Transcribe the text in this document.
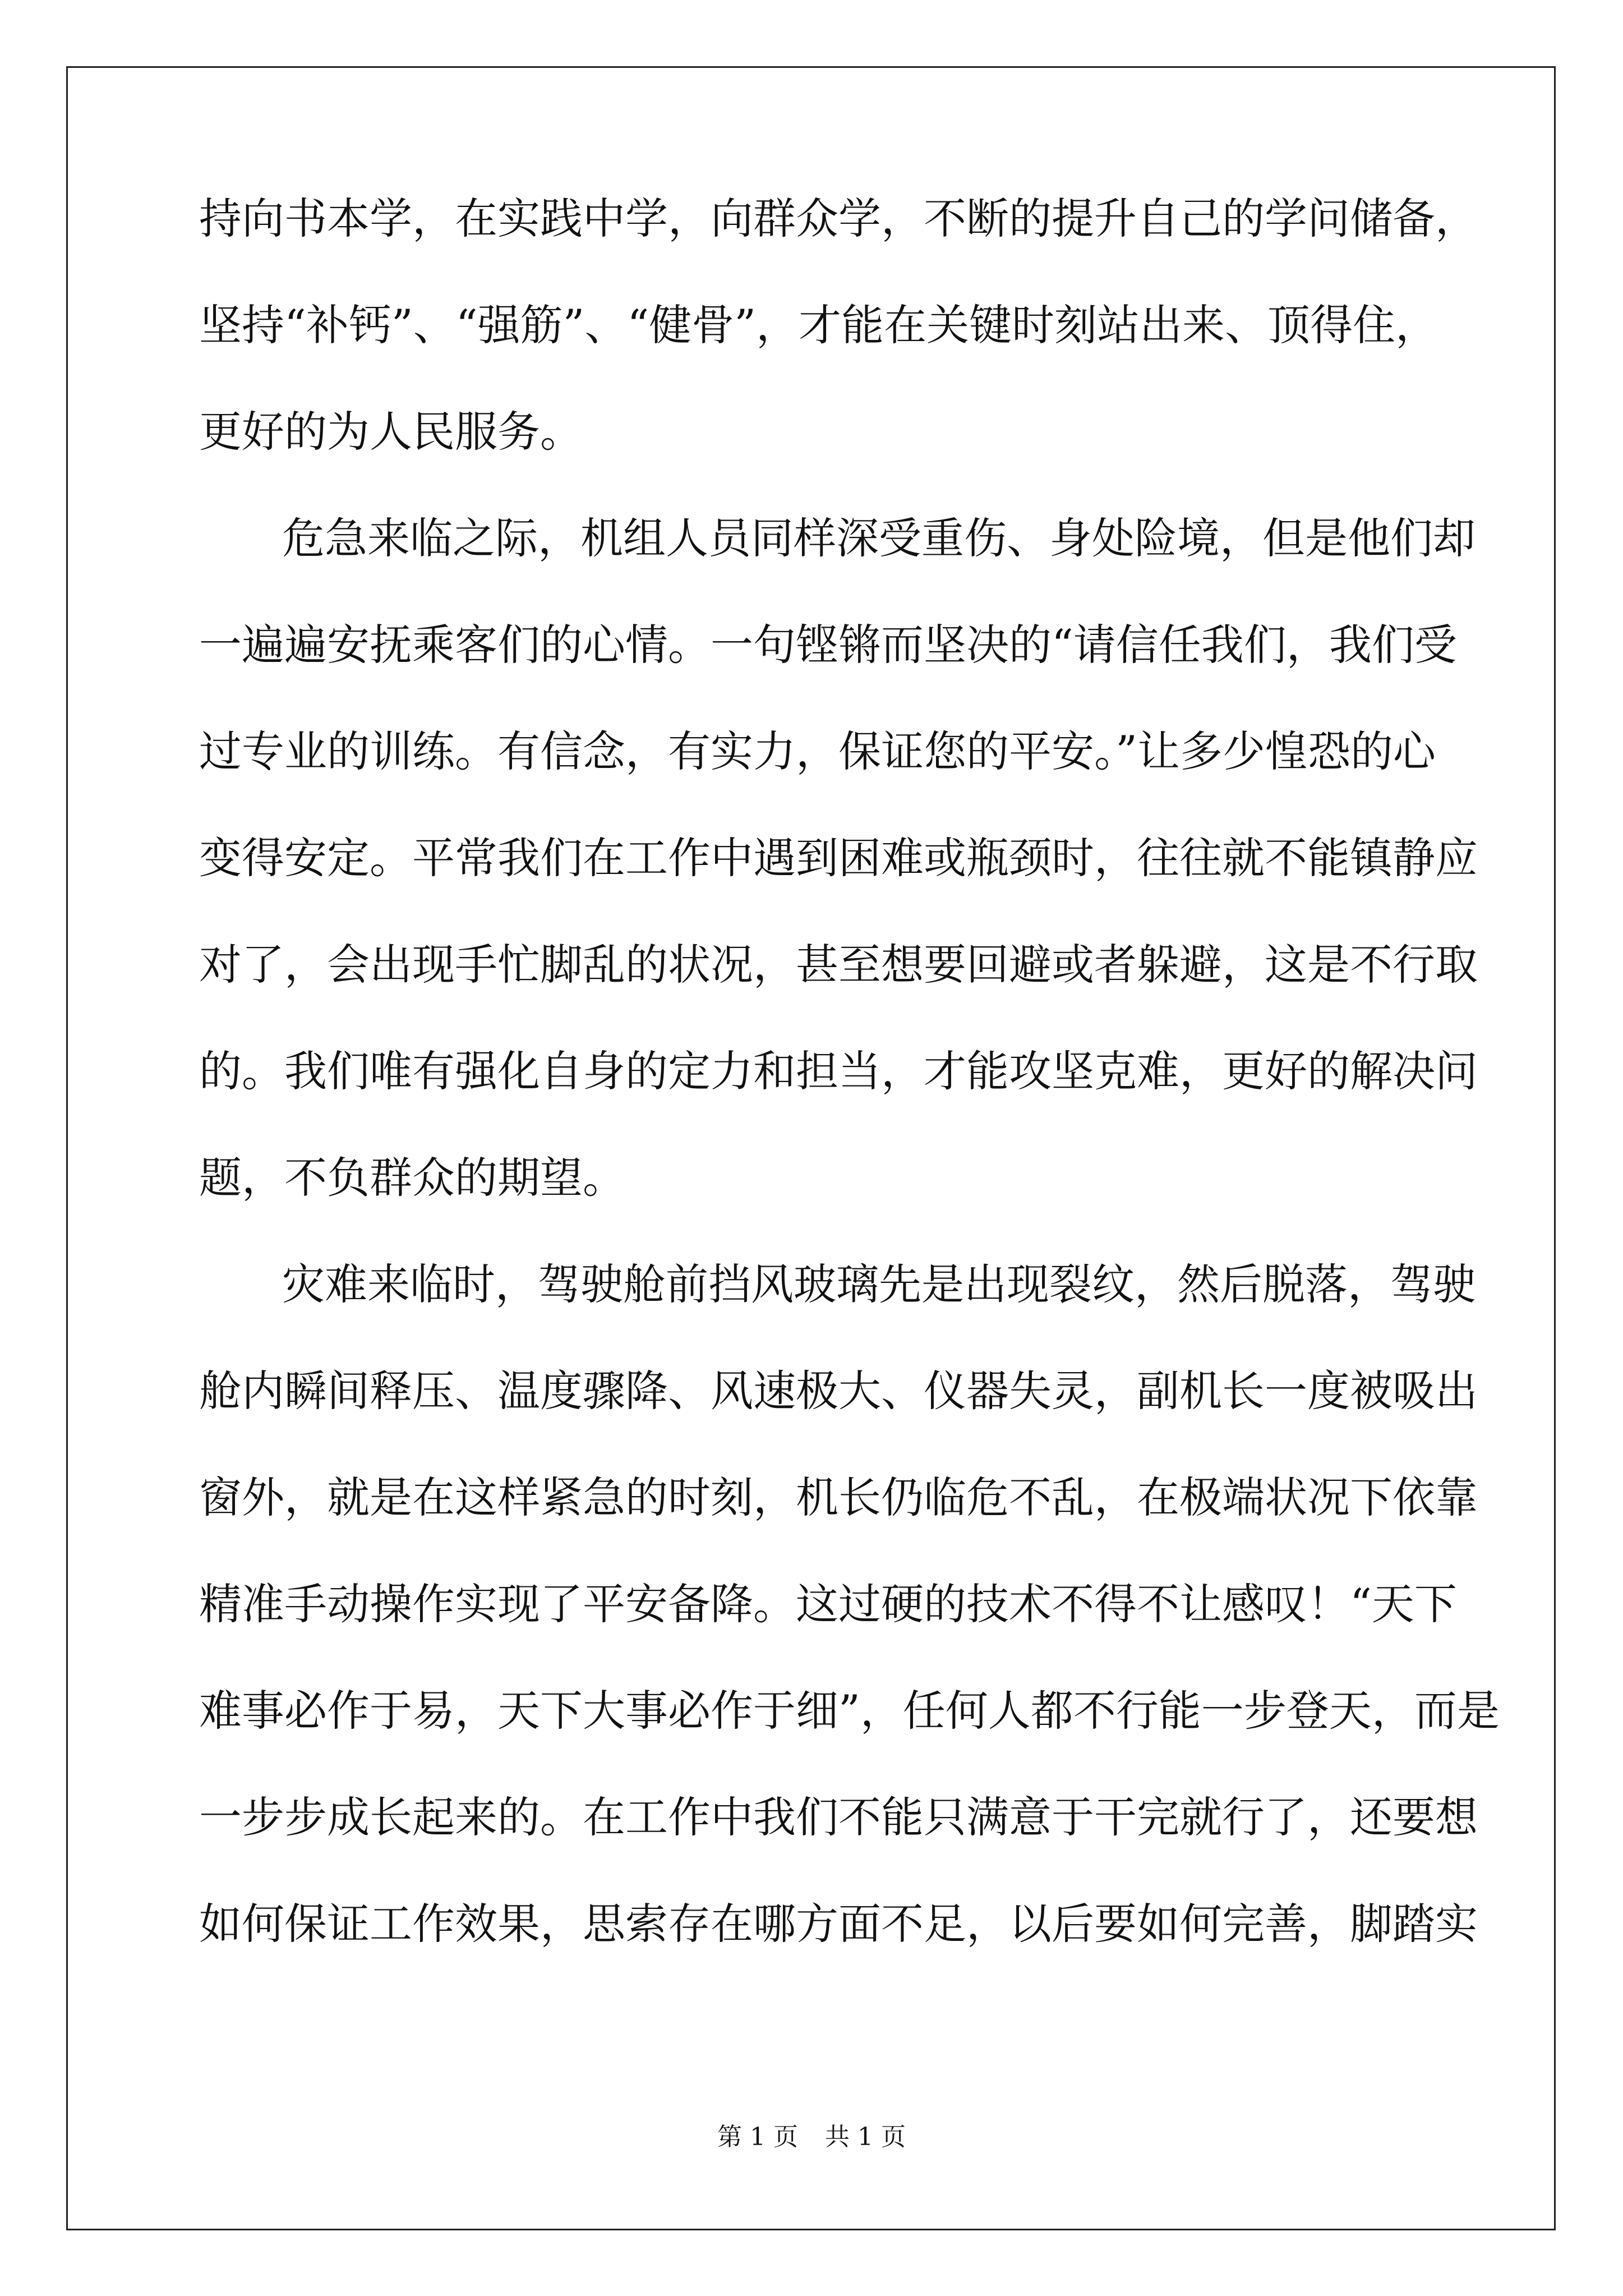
持向书本学，在实践中学，向群众学，不断的提升自己的学问储备，
坚持“补钙”、“强筋”、“健骨”，才能在关键时刻站出来、顶得住，
更好的为人民服务。
危急来临之际，机组人员同样深受重伤、身处险境，但是他们却
一遍遍安抚乘客们的心情。一句铿锵而坚决的“请信任我们，我们受
过专业的训练。有信念，有实力，保证您的平安。”让多少惶恐的心
变得安定。平常我们在工作中遇到困难或瓶颈时，往往就不能镇静应
对了，会出现手忙脚乱的状况，甚至想要回避或者躲避，这是不行取
的。我们唯有强化自身的定力和担当，才能攻坚克难，更好的解决问
题，不负群众的期望。
灾难来临时，驾驶舱前挡风玻璃先是出现裂纹，然后脱落，驾驶
舱内瞬间释压、温度骤降、风速极大、仪器失灵，副机长一度被吸出
窗外，就是在这样紧急的时刻，机长仍临危不乱，在极端状况下依靠
精准手动操作实现了平安备降。这过硬的技术不得不让感叹！“天下
难事必作于易，天下大事必作于细”，任何人都不行能一步登天，而是
一步步成长起来的。在工作中我们不能只满意于干完就行了，还要想
如何保证工作效果，思索存在哪方面不足，以后要如何完善，脚踏实
第 1 页 共 1 页
